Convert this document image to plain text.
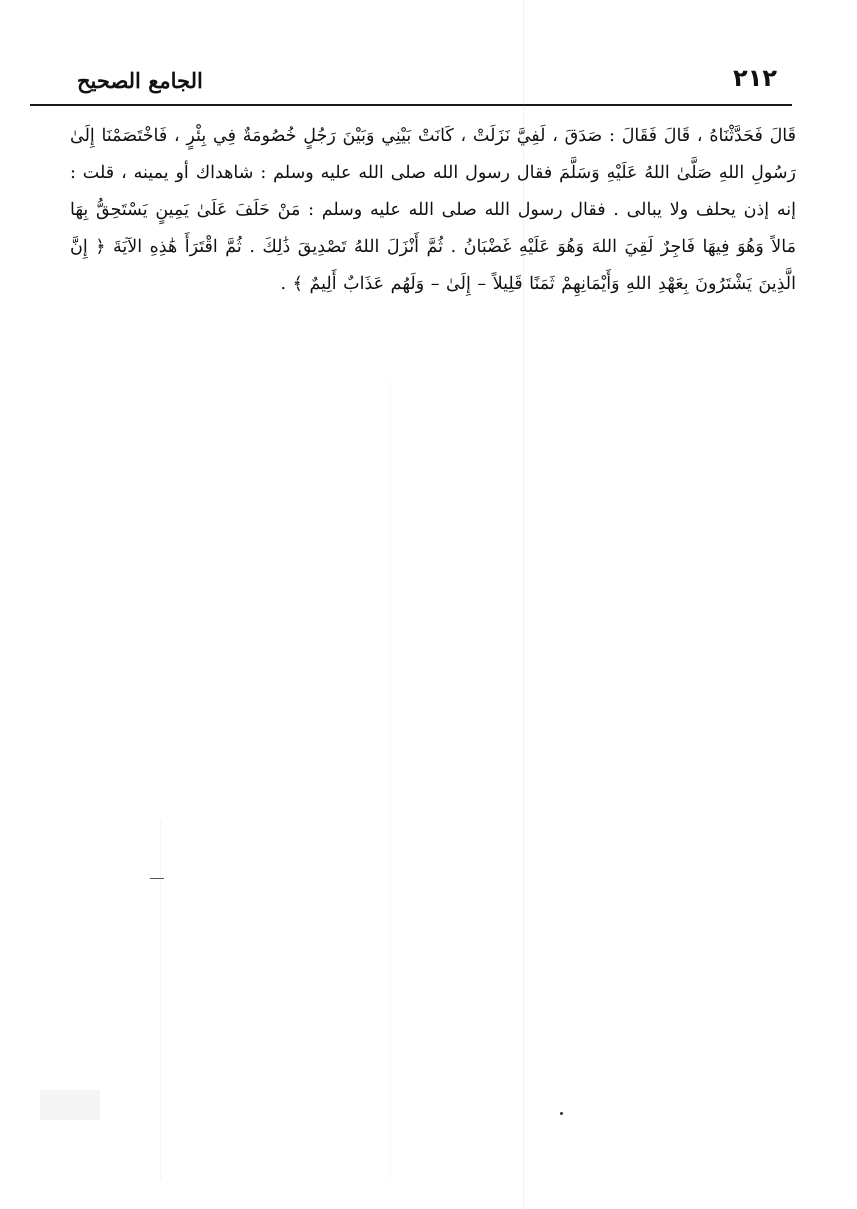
٢١٢
الجامع الصحيح

قَالَ فَحَدَّثْنَاهُ ، قَالَ فَقَالَ : صَدَقَ ، لَفِيَّ نَزَلَتْ ، كَانَتْ بَيْنِي وَبَيْنَ رَجُلٍ خُصُومَةٌ فِي بِئْرٍ ، فَاخْتَصَمْنَا إِلَىٰ رَسُولِ اللهِ صَلَّىٰ اللهُ عَلَيْهِ وَسَلَّمَ فقال رسول الله صلى الله عليه وسلم : شاهداك أو يمينه ، قلت : إنه إذن يحلف ولا يبالى . فقال رسول الله صلى الله عليه وسلم : مَنْ حَلَفَ عَلَىٰ يَمِينٍ يَسْتَحِقُّ بِهَا مَالاً وَهُوَ فِيهَا فَاجِرٌ لَقِيَ اللهَ وَهُوَ عَلَيْهِ غَضْبَانُ . ثُمَّ أَنْزَلَ اللهُ تَصْدِيقَ ذَٰلِكَ . ثُمَّ اقْتَرَأَ هَٰذِهِ الآيَةَ ﴿ إِنَّ الَّذِينَ يَشْتَرُونَ بِعَهْدِ اللهِ وَأَيْمَانِهِمْ ثَمَنًا قَلِيلاً – إِلَىٰ – وَلَهُم عَذَابٌ أَلِيمٌ ﴾ .
